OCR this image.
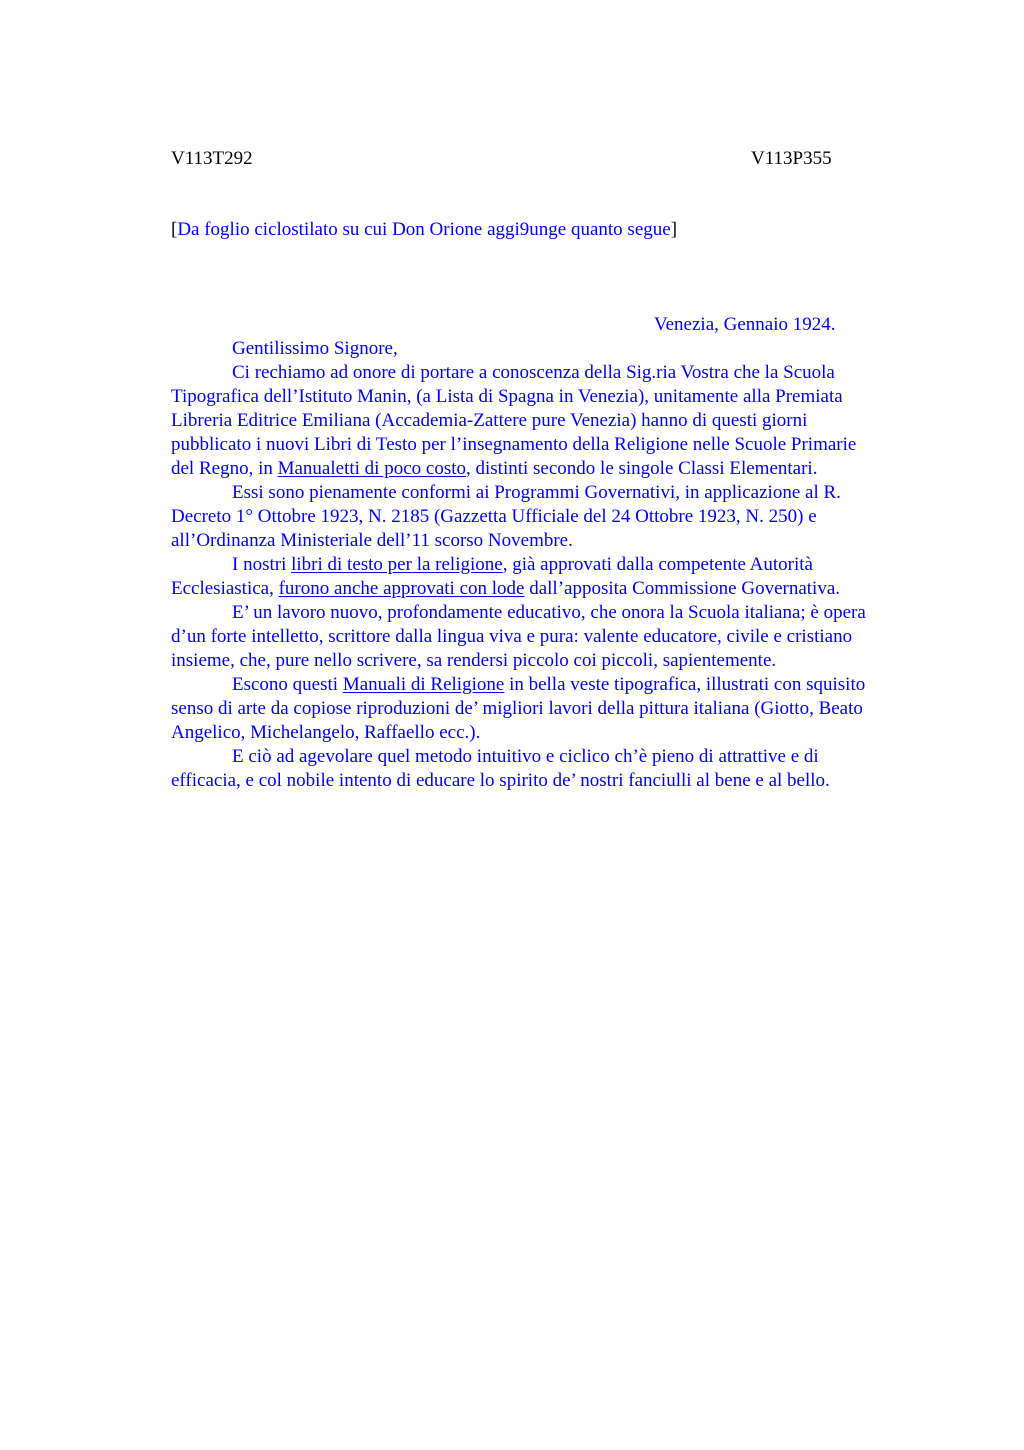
V113T292	V113P355
[Da foglio ciclostilato su cui Don Orione aggi9unge quanto segue]
Venezia, Gennaio 1924.
Gentilissimo Signore,
Ci rechiamo ad onore di portare a conoscenza della Sig.ria Vostra che la Scuola
Tipografica dell’Istituto Manin, (a Lista di Spagna in Venezia), unitamente alla Premiata
Libreria Editrice Emiliana (Accademia-Zattere pure Venezia) hanno di questi giorni
pubblicato i nuovi Libri di Testo per l’insegnamento della Religione nelle Scuole Primarie
del Regno, in Manualetti di poco costo, distinti secondo le singole Classi Elementari.
Essi sono pienamente conformi ai Programmi Governativi, in applicazione al R.
Decreto 1° Ottobre 1923, N. 2185 (Gazzetta Ufficiale del 24 Ottobre 1923, N. 250) e
all’Ordinanza Ministeriale dell’11 scorso Novembre.
I nostri libri di testo per la religione, già approvati dalla competente Autorità
Ecclesiastica, furono anche approvati con lode dall’apposita Commissione Governativa.
E’ un lavoro nuovo, profondamente educativo, che onora la Scuola italiana; è opera
d’un forte intelletto, scrittore dalla lingua viva e pura: valente educatore, civile e cristiano
insieme, che, pure nello scrivere, sa rendersi piccolo coi piccoli, sapientemente.
Escono questi Manuali di Religione in bella veste tipografica, illustrati con squisito
senso di arte da copiose riproduzioni de’ migliori lavori della pittura italiana (Giotto, Beato
Angelico, Michelangelo, Raffaello ecc.).
E ciò ad agevolare quel metodo intuitivo e ciclico ch’è pieno di attrattive e di
efficacia, e col nobile intento di educare lo spirito de’ nostri fanciulli al bene e al bello.
